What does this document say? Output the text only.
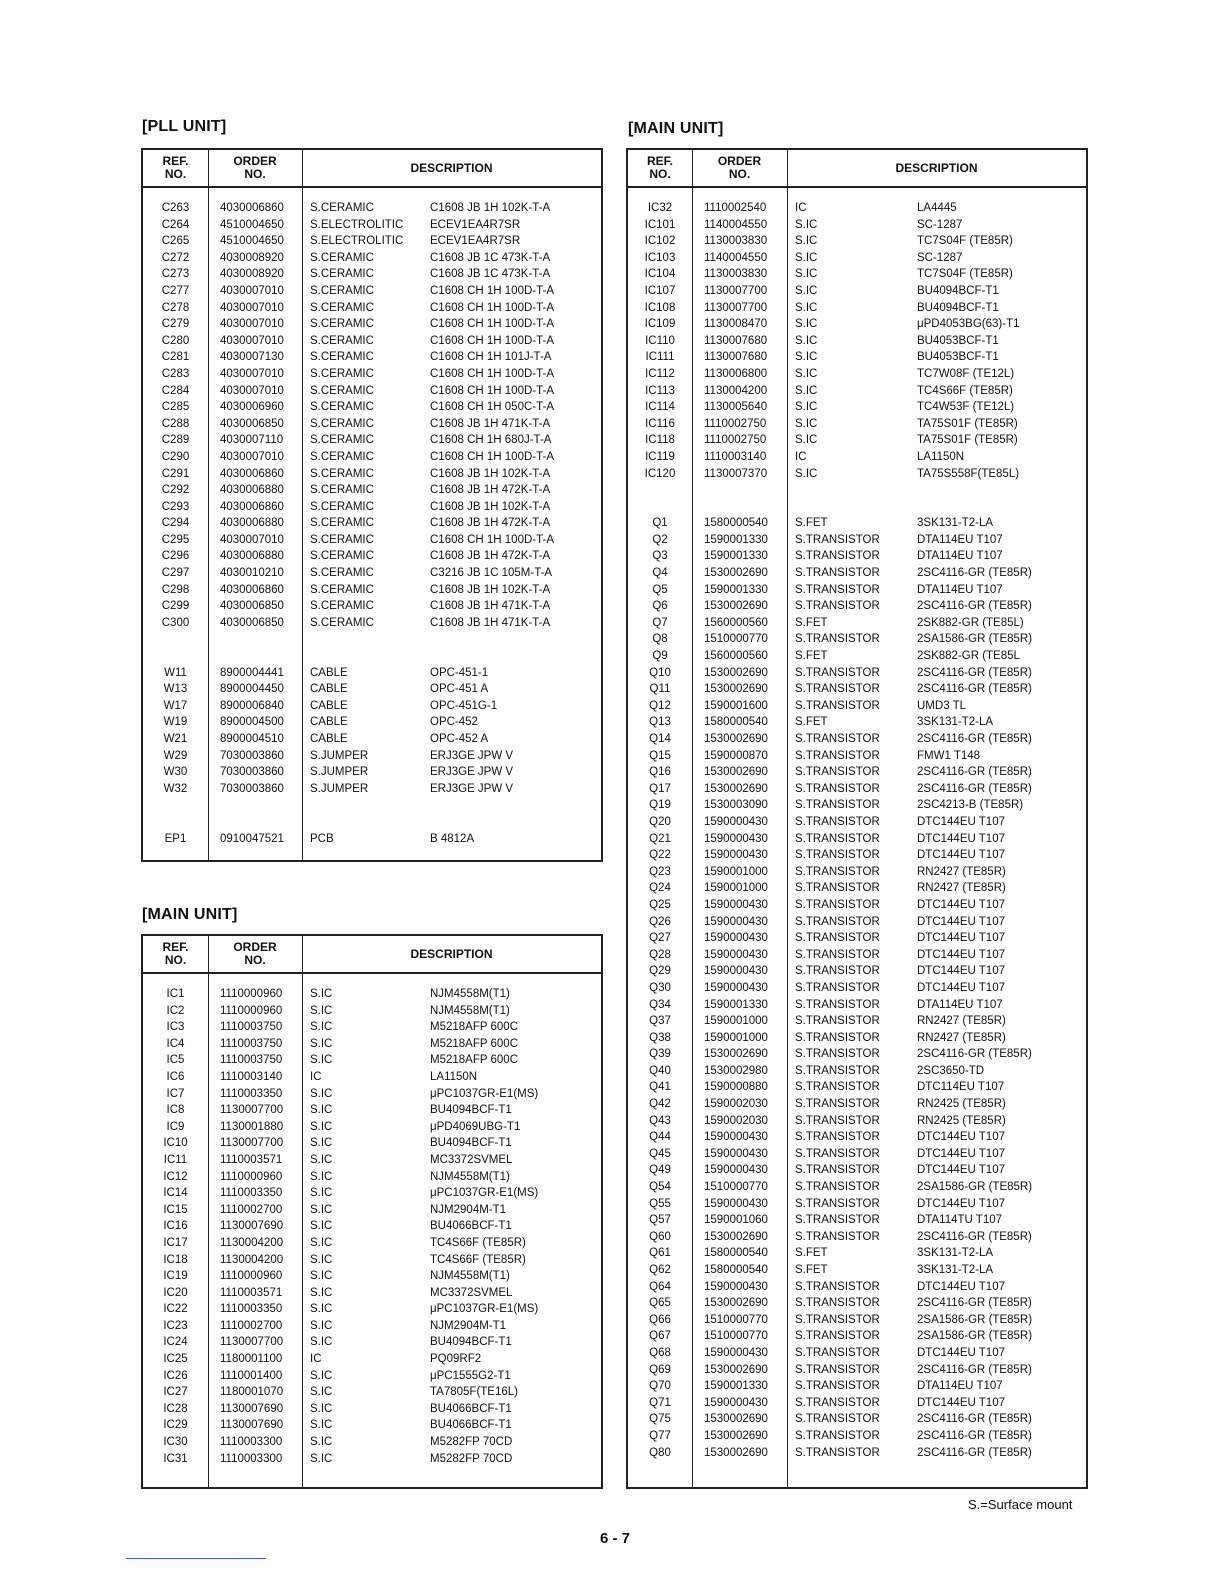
[PLL UNIT]
REF.
NO.
ORDER
NO.	DESCRIPTION
C263	4030006860 S.CERAMIC	C1608 JB 1H 102K-T-A
C264	4510004650 S.ELECTROLITIC ECEV1EA4R7SR
C265	4510004650 S.ELECTROLITIC ECEV1EA4R7SR
C272	4030008920 S.CERAMIC	C1608 JB 1C 473K-T-A
C273	4030008920 S.CERAMIC	C1608 JB 1C 473K-T-A
C277	4030007010 S.CERAMIC	C1608 CH 1H 100D-T-A
C278	4030007010 S.CERAMIC	C1608 CH 1H 100D-T-A
C279	4030007010 S.CERAMIC	C1608 CH 1H 100D-T-A
C280	4030007010 S.CERAMIC	C1608 CH 1H 100D-T-A
C281	4030007130 S.CERAMIC	C1608 CH 1H 101J-T-A
C283	4030007010 S.CERAMIC	C1608 CH 1H 100D-T-A
C284	4030007010 S.CERAMIC	C1608 CH 1H 100D-T-A
C285	4030006960 S.CERAMIC	C1608 CH 1H 050C-T-A
C288	4030006850 S.CERAMIC	C1608 JB 1H 471K-T-A
C289	4030007110 S.CERAMIC	C1608 CH 1H 680J-T-A
C290	4030007010 S.CERAMIC	C1608 CH 1H 100D-T-A
C291	4030006860 S.CERAMIC	C1608 JB 1H 102K-T-A
C292	4030006880 S.CERAMIC	C1608 JB 1H 472K-T-A
C293	4030006860 S.CERAMIC	C1608 JB 1H 102K-T-A
C294	4030006880 S.CERAMIC	C1608 JB 1H 472K-T-A
C295	4030007010 S.CERAMIC	C1608 CH 1H 100D-T-A
C296	4030006880 S.CERAMIC	C1608 JB 1H 472K-T-A
C297	4030010210 S.CERAMIC	C3216 JB 1C 105M-T-A
C298	4030006860 S.CERAMIC	C1608 JB 1H 102K-T-A
C299	4030006850 S.CERAMIC	C1608 JB 1H 471K-T-A
C300	4030006850 S.CERAMIC	C1608 JB 1H 471K-T-A
W11	8900004441 CABLE	OPC-451-1
W13	8900004450 CABLE	OPC-451 A
W17	8900006840 CABLE	OPC-451G-1
W19	8900004500 CABLE	OPC-452
W21	8900004510 CABLE	OPC-452 A
W29	7030003860 S.JUMPER	ERJ3GE JPW V
W30	7030003860 S.JUMPER	ERJ3GE JPW V
W32	7030003860 S.JUMPER	ERJ3GE JPW V
EP1	0910047521 PCB	B 4812A
[MAIN UNIT]
REF.
NO.
ORDER
NO.	DESCRIPTION
IC1	1110000960 S.IC	NJM4558M(T1)
IC2	1110000960 S.IC	NJM4558M(T1)
IC3	1110003750 S.IC	M5218AFP 600C
IC4	1110003750 S.IC	M5218AFP 600C
IC5	1110003750 S.IC	M5218AFP 600C
IC6	1110003140 IC	LA1150N
IC7	1110003350 S.IC	μPC1037GR-E1(MS)
IC8	1130007700 S.IC	BU4094BCF-T1
IC9	1130001880 S.IC	μPD4069UBG-T1
IC10	1130007700 S.IC	BU4094BCF-T1
IC11	1110003571 S.IC	MC3372SVMEL
IC12	1110000960 S.IC	NJM4558M(T1)
IC14	1110003350 S.IC	μPC1037GR-E1(MS)
IC15	1110002700 S.IC	NJM2904M-T1
IC16	1130007690 S.IC	BU4066BCF-T1
IC17	1130004200 S.IC	TC4S66F (TE85R)
IC18	1130004200 S.IC	TC4S66F (TE85R)
IC19	1110000960 S.IC	NJM4558M(T1)
IC20	1110003571 S.IC	MC3372SVMEL
IC22	1110003350 S.IC	μPC1037GR-E1(MS)
IC23	1110002700 S.IC	NJM2904M-T1
IC24	1130007700 S.IC	BU4094BCF-T1
IC25	1180001100 IC	PQ09RF2
IC26	1110001400 S.IC	μPC1555G2-T1
IC27	1180001070 S.IC	TA7805F(TE16L)
IC28	1130007690 S.IC	BU4066BCF-T1
IC29	1130007690 S.IC	BU4066BCF-T1
IC30	1110003300 S.IC	M5282FP 70CD
IC31	1110003300 S.IC	M5282FP 70CD
[MAIN UNIT]
REF.
NO.
ORDER
NO.	DESCRIPTION
IC32	1110002540 IC	LA4445
IC101	1140004550 S.IC	SC-1287
IC102	1130003830 S.IC	TC7S04F (TE85R)
IC103	1140004550 S.IC	SC-1287
IC104	1130003830 S.IC	TC7S04F (TE85R)
IC107	1130007700 S.IC	BU4094BCF-T1
IC108	1130007700 S.IC	BU4094BCF-T1
IC109	1130008470 S.IC	μPD4053BG(63)-T1
IC110	1130007680 S.IC	BU4053BCF-T1
IC111	1130007680 S.IC	BU4053BCF-T1
IC112	1130006800 S.IC	TC7W08F (TE12L)
IC113	1130004200 S.IC	TC4S66F (TE85R)
IC114	1130005640 S.IC	TC4W53F (TE12L)
IC116	1110002750 S.IC	TA75S01F (TE85R)
IC118	1110002750 S.IC	TA75S01F (TE85R)
IC119	1110003140 IC	LA1150N
IC120	1130007370 S.IC	TA75S558F(TE85L)
Q1	1580000540 S.FET	3SK131-T2-LA
Q2	1590001330 S.TRANSISTOR	DTA114EU T107
Q3	1590001330 S.TRANSISTOR	DTA114EU T107
Q4	1530002690 S.TRANSISTOR	2SC4116-GR (TE85R)
Q5	1590001330 S.TRANSISTOR	DTA114EU T107
Q6	1530002690 S.TRANSISTOR	2SC4116-GR (TE85R)
Q7	1560000560 S.FET	2SK882-GR (TE85L)
Q8	1510000770 S.TRANSISTOR	2SA1586-GR (TE85R)
Q9	1560000560 S.FET	2SK882-GR (TE85L
Q10	1530002690 S.TRANSISTOR	2SC4116-GR (TE85R)
Q11	1530002690 S.TRANSISTOR	2SC4116-GR (TE85R)
Q12	1590001600 S.TRANSISTOR	UMD3 TL
Q13	1580000540 S.FET	3SK131-T2-LA
Q14	1530002690 S.TRANSISTOR	2SC4116-GR (TE85R)
Q15	1590000870 S.TRANSISTOR	FMW1 T148
Q16	1530002690 S.TRANSISTOR	2SC4116-GR (TE85R)
Q17	1530002690 S.TRANSISTOR	2SC4116-GR (TE85R)
Q19	1530003090 S.TRANSISTOR	2SC4213-B (TE85R)
Q20	1590000430 S.TRANSISTOR	DTC144EU T107
Q21	1590000430 S.TRANSISTOR	DTC144EU T107
Q22	1590000430 S.TRANSISTOR	DTC144EU T107
Q23	1590001000 S.TRANSISTOR	RN2427 (TE85R)
Q24	1590001000 S.TRANSISTOR	RN2427 (TE85R)
Q25	1590000430 S.TRANSISTOR	DTC144EU T107
Q26	1590000430 S.TRANSISTOR	DTC144EU T107
Q27	1590000430 S.TRANSISTOR	DTC144EU T107
Q28	1590000430 S.TRANSISTOR	DTC144EU T107
Q29	1590000430 S.TRANSISTOR	DTC144EU T107
Q30	1590000430 S.TRANSISTOR	DTC144EU T107
Q34	1590001330 S.TRANSISTOR	DTA114EU T107
Q37	1590001000 S.TRANSISTOR	RN2427 (TE85R)
Q38	1590001000 S.TRANSISTOR	RN2427 (TE85R)
Q39	1530002690 S.TRANSISTOR	2SC4116-GR (TE85R)
Q40	1530002980 S.TRANSISTOR	2SC3650-TD
Q41	1590000880 S.TRANSISTOR	DTC114EU T107
Q42	1590002030 S.TRANSISTOR	RN2425 (TE85R)
Q43	1590002030 S.TRANSISTOR	RN2425 (TE85R)
Q44	1590000430 S.TRANSISTOR	DTC144EU T107
Q45	1590000430 S.TRANSISTOR	DTC144EU T107
Q49	1590000430 S.TRANSISTOR	DTC144EU T107
Q54	1510000770 S.TRANSISTOR	2SA1586-GR (TE85R)
Q55	1590000430 S.TRANSISTOR	DTC144EU T107
Q57	1590001060 S.TRANSISTOR	DTA114TU T107
Q60	1530002690 S.TRANSISTOR	2SC4116-GR (TE85R)
Q61	1580000540 S.FET	3SK131-T2-LA
Q62	1580000540 S.FET	3SK131-T2-LA
Q64	1590000430 S.TRANSISTOR	DTC144EU T107
Q65	1530002690 S.TRANSISTOR	2SC4116-GR (TE85R)
Q66	1510000770 S.TRANSISTOR	2SA1586-GR (TE85R)
Q67	1510000770 S.TRANSISTOR	2SA1586-GR (TE85R)
Q68	1590000430 S.TRANSISTOR	DTC144EU T107
Q69	1530002690 S.TRANSISTOR	2SC4116-GR (TE85R)
Q70	1590001330 S.TRANSISTOR	DTA114EU T107
Q71	1590000430 S.TRANSISTOR	DTC144EU T107
Q75	1530002690 S.TRANSISTOR	2SC4116-GR (TE85R)
Q77	1530002690 S.TRANSISTOR	2SC4116-GR (TE85R)
Q80	1530002690 S.TRANSISTOR	2SC4116-GR (TE85R)
S.=Surface mount
6 - 7
